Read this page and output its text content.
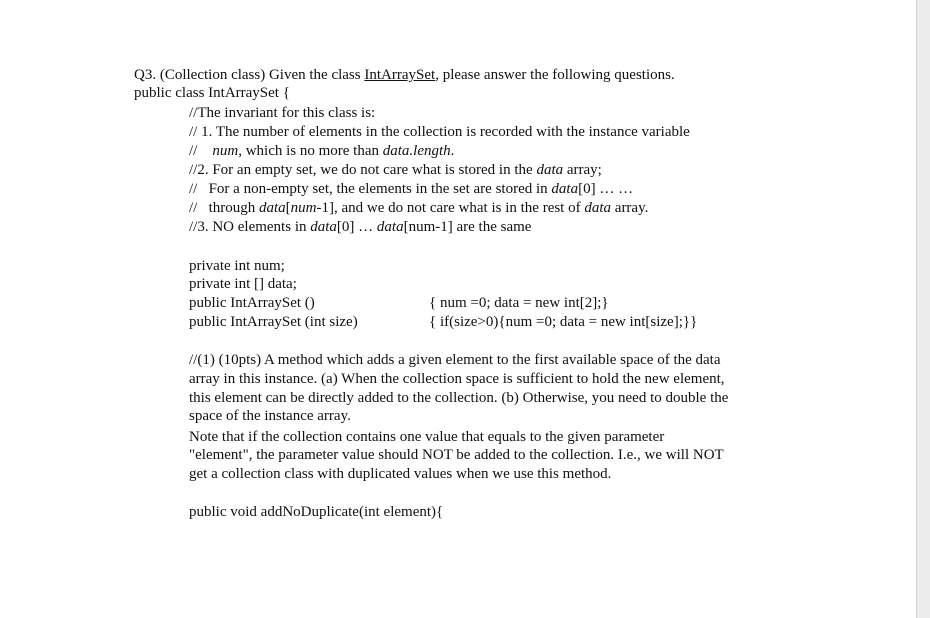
Q3. (Collection class) Given the class IntArraySet, please answer the following questions.
public class IntArraySet {
//The invariant for this class is:
// 1. The number of elements in the collection is recorded with the instance variable
//    num, which is no more than data.length.
//2. For an empty set, we do not care what is stored in the data array;
//   For a non-empty set, the elements in the set are stored in data[0] … …
//   through data[num-1], and we do not care what is in the rest of data array.
//3. NO elements in data[0] … data[num-1] are the same
private int num;
private int [] data;
public IntArraySet ()	{ num =0; data = new int[2];}
public IntArraySet (int size)	{ if(size>0){num =0; data = new int[size];}}
//(1) (10pts) A method which adds a given element to the first available space of the data
array in this instance. (a) When the collection space is sufficient to hold the new element,
this element can be directly added to the collection. (b) Otherwise, you need to double the
space of the instance array.
Note that if the collection contains one value that equals to the given parameter
"element", the parameter value should NOT be added to the collection. I.e., we will NOT
get a collection class with duplicated values when we use this method.
public void addNoDuplicate(int element){
